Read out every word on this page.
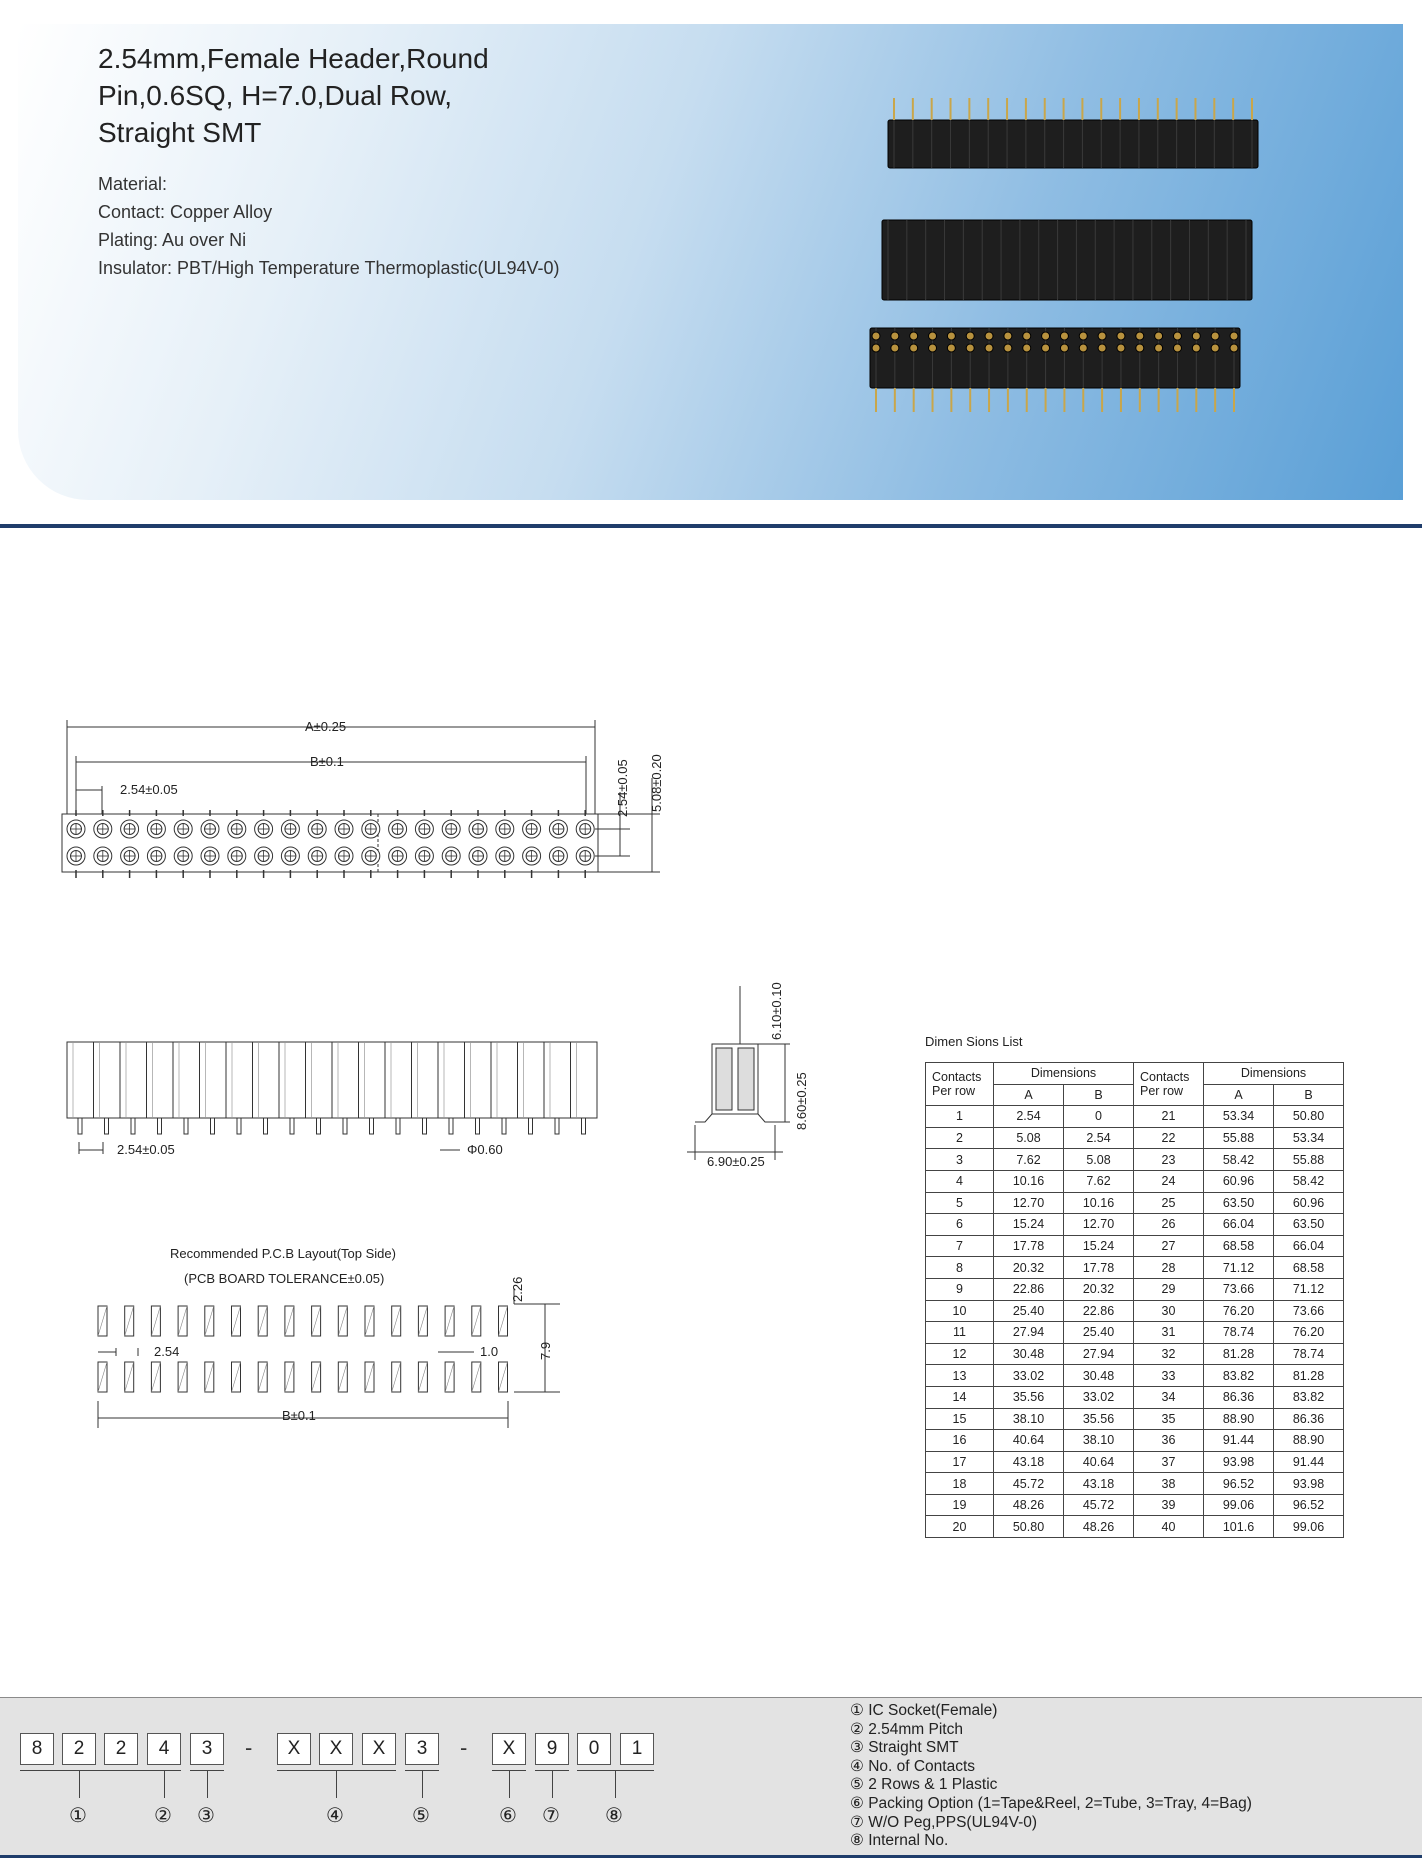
2.54mm,Female Header,Round
Pin,0.6SQ, H=7.0,Dual Row,
Straight SMT
Material:
Contact: Copper Alloy
Plating: Au over Ni
Insulator: PBT/High Temperature Thermoplastic(UL94V-0)
A±0.25
B±0.1
2.54±0.05	2.54±0.05 5.08±0.20
2.54±0.05	Φ0.60
6.10±0.10
8.60±0.25
6.90±0.25
Recommended P.C.B Layout(Top Side)
(PCB BOARD TOLERANCE±0.05)	2.26
7.9
2.54	1.0
B±0.1
Dimen Sions List
Contacts
Per row	Dimensions		Contacts
Per row	Dimensions	
	A	B		A	B
1	2.54	0	21	53.34	50.80
2	5.08	2.54	22	55.88	53.34
3	7.62	5.08	23	58.42	55.88
4	10.16	7.62	24	60.96	58.42
5	12.70	10.16	25	63.50	60.96
6	15.24	12.70	26	66.04	63.50
7	17.78	15.24	27	68.58	66.04
8	20.32	17.78	28	71.12	68.58
9	22.86	20.32	29	73.66	71.12
10	25.40	22.86	30	76.20	73.66
11	27.94	25.40	31	78.74	76.20
12	30.48	27.94	32	81.28	78.74
13	33.02	30.48	33	83.82	81.28
14	35.56	33.02	34	86.36	83.82
15	38.10	35.56	35	88.90	86.36
16	40.64	38.10	36	91.44	88.90
17	43.18	40.64	37	93.98	91.44
18	45.72	43.18	38	96.52	93.98
19	48.26	45.72	39	99.06	96.52
20	50.80	48.26	40	101.6	99.06
8	2	2	4	3	-	X	X	X	3	-	X	9	0	1
①	② ③	④	⑤	⑥ ⑦ ⑧
① IC Socket(Female)
② 2.54mm Pitch
③ Straight SMT
④ No. of Contacts
⑤ 2 Rows & 1 Plastic
⑥ Packing Option (1=Tape&Reel, 2=Tube, 3=Tray, 4=Bag)
⑦ W/O Peg,PPS(UL94V-0)
⑧ Internal No.
